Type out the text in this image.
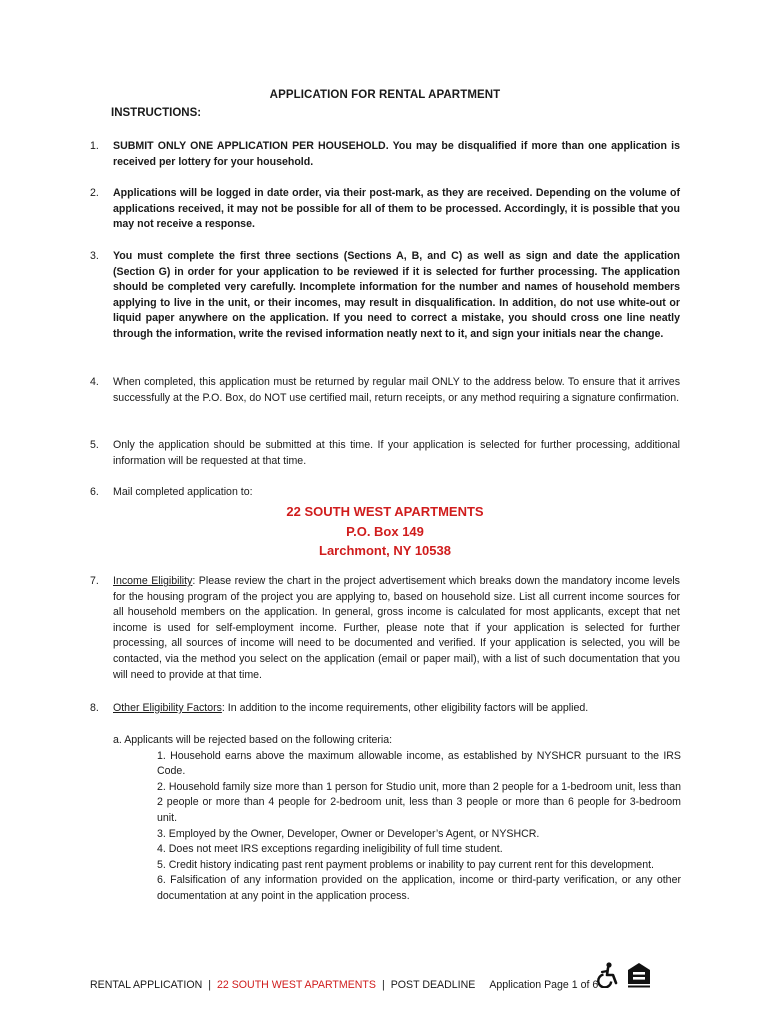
APPLICATION FOR RENTAL APARTMENT
INSTRUCTIONS:
1.	SUBMIT ONLY ONE APPLICATION PER HOUSEHOLD. You may be disqualified if more than one application is received per lottery for your household.
2.	Applications will be logged in date order, via their post-mark, as they are received. Depending on the volume of applications received, it may not be possible for all of them to be processed. Accordingly, it is possible that you may not receive a response.
3.	You must complete the first three sections (Sections A, B, and C) as well as sign and date the application (Section G) in order for your application to be reviewed if it is selected for further processing. The application should be completed very carefully. Incomplete information for the number and names of household members applying to live in the unit, or their incomes, may result in disqualification. In addition, do not use white-out or liquid paper anywhere on the application. If you need to correct a mistake, you should cross one line neatly through the information, write the revised information neatly next to it, and sign your initials near the change.
4.	When completed, this application must be returned by regular mail ONLY to the address below. To ensure that it arrives successfully at the P.O. Box, do NOT use certified mail, return receipts, or any method requiring a signature confirmation.
5.	Only the application should be submitted at this time. If your application is selected for further processing, additional information will be requested at that time.
6.	Mail completed application to:
22 SOUTH WEST APARTMENTS
P.O. Box 149
Larchmont, NY 10538
7.	Income Eligibility: Please review the chart in the project advertisement which breaks down the mandatory income levels for the housing program of the project you are applying to, based on household size. List all current income sources for all household members on the application. In general, gross income is calculated for most applicants, except that net income is used for self-employment income. Further, please note that if your application is selected for further processing, all sources of income will need to be documented and verified. If your application is selected, you will be contacted, via the method you select on the application (email or paper mail), with a list of such documentation that you will need to provide at that time.
8.	Other Eligibility Factors: In addition to the income requirements, other eligibility factors will be applied.
a. Applicants will be rejected based on the following criteria:
1. Household earns above the maximum allowable income, as established by NYSHCR pursuant to the IRS Code.
2. Household family size more than 1 person for Studio unit, more than 2 people for a 1-bedroom unit, less than 2 people or more than 4 people for 2-bedroom unit, less than 3 people or more than 6 people for 3-bedroom unit.
3. Employed by the Owner, Developer, Owner or Developer’s Agent, or NYSHCR.
4. Does not meet IRS exceptions regarding ineligibility of full time student.
5. Credit history indicating past rent payment problems or inability to pay current rent for this development.
6. Falsification of any information provided on the application, income or third-party verification, or any other documentation at any point in the application process.
RENTAL APPLICATION | 22 SOUTH WEST APARTMENTS | POST DEADLINE Application Page 1 of 6
